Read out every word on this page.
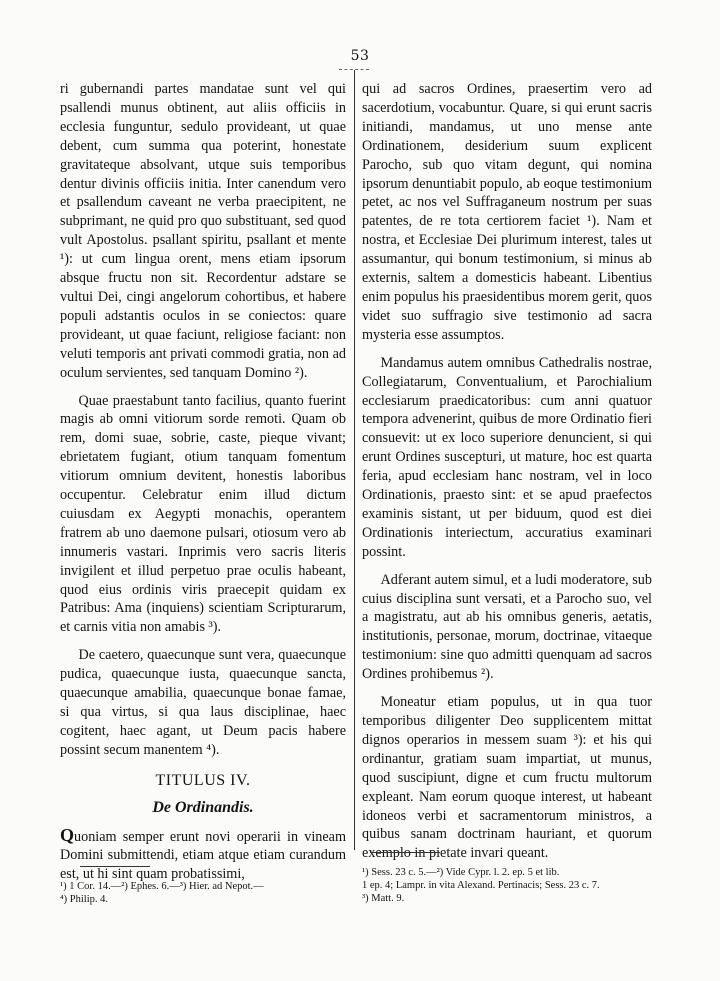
53

ri gubernandi partes mandatae sunt vel qui psallendi munus obtinent, aut aliis officiis in ecclesia funguntur, sedulo provideant, ut quae debent, cum summa qua poterint, honestate gravitateque absolvant, utque suis temporibus dentur divinis officiis initia. Inter canendum vero et psallendum caveant ne verba praecipitent, ne subprimant, ne quid pro quo substituant, sed quod vult Apostolus. psallant spiritu, psallant et mente ¹): ut cum lingua orent, mens etiam ipsorum absque fructu non sit. Recordentur adstare se vultui Dei, cingi angelorum cohortibus, et habere populi adstantis oculos in se coniectos: quare provideant, ut quae faciunt, religiose faciant: non veluti temporis ant privati commodi gratia, non ad oculum servientes, sed tanquam Domino ²).

Quae praestabunt tanto facilius, quanto fuerint magis ab omni vitiorum sorde remoti. Quam ob rem, domi suae, sobrie, caste, pieque vivant; ebrietatem fugiant, otium tanquam fomentum vitiorum omnium devitent, honestis laboribus occupentur. Celebratur enim illud dictum cuiusdam ex Aegypti monachis, operantem fratrem ab uno daemone pulsari, otiosum vero ab innumeris vastari. Inprimis vero sacris literis invigilent et illud perpetuo prae oculis habeant, quod eius ordinis viris praecepit quidam ex Patribus: Ama (inquiens) scientiam Scripturarum, et carnis vitia non amabis ³).

De caetero, quaecunque sunt vera, quaecunque pudica, quaecunque iusta, quaecunque sancta, quaecunque amabilia, quaecunque bonae famae, si qua virtus, si qua laus disciplinae, haec cogitent, haec agant, ut Deum pacis habere possint secum manentem ⁴).

TITULUS IV.
De Ordinandis.

Quoniam semper erunt novi operarii in vineam Domini submittendi, etiam atque etiam curandum est, ut hi sint quam probatissimi,

qui ad sacros Ordines, praesertim vero ad sacerdotium, vocabuntur. Quare, si qui erunt sacris initiandi, mandamus, ut uno mense ante Ordinationem, desiderium suum explicent Parocho, sub quo vitam degunt, qui nomina ipsorum denuntiabit populo, ab eoque testimonium petet, ac nos vel Suffraganeum nostrum per suas patentes, de re tota certiorem faciet ¹). Nam et nostra, et Ecclesiae Dei plurimum interest, tales ut assumantur, qui bonum testimonium, si minus ab externis, saltem a domesticis habeant. Libentius enim populus his praesidentibus morem gerit, quos videt suo suffragio sive testimonio ad sacra mysteria esse assumptos.

Mandamus autem omnibus Cathedralis nostrae, Collegiatarum, Conventualium, et Parochialium ecclesiarum praedicatoribus: cum anni quatuor tempora advenerint, quibus de more Ordinatio fieri consuevit: ut ex loco superiore denuncient, si qui erunt Ordines suscepturi, ut mature, hoc est quarta feria, apud ecclesiam hanc nostram, vel in loco Ordinationis, praesto sint: et se apud praefectos examinis sistant, ut per biduum, quod est diei Ordinationis interiectum, accuratius examinari possint.

Adferant autem simul, et a ludi moderatore, sub cuius disciplina sunt versati, et a Parocho suo, vel a magistratu, aut ab his omnibus generis, aetatis, institutionis, personae, morum, doctrinae, vitaeque testimonium: sine quo admitti quenquam ad sacros Ordines prohibemus ²).

Moneatur etiam populus, ut in qua tuor temporibus diligenter Deo supplicentem mittat dignos operarios in messem suam ³): et his qui ordinantur, gratiam suam impartiat, ut munus, quod suscipiunt, digne et cum fructu multorum expleant. Nam eorum quoque interest, ut habeant idoneos verbi et sacramentorum ministros, a quibus sanam doctrinam hauriant, et quorum exemplo in pietate invari queant.

¹) 1 Cor. 14.—²) Ephes. 6.—³) Hier. ad Nepot.—
⁴) Philip. 4.
¹) Sess. 23 c. 5.—²) Vide Cypr. l. 2. ep. 5 et lib.
1 ep. 4; Lampr. in vita Alexand. Pertinacis; Sess. 23 c. 7.
³) Matt. 9.
